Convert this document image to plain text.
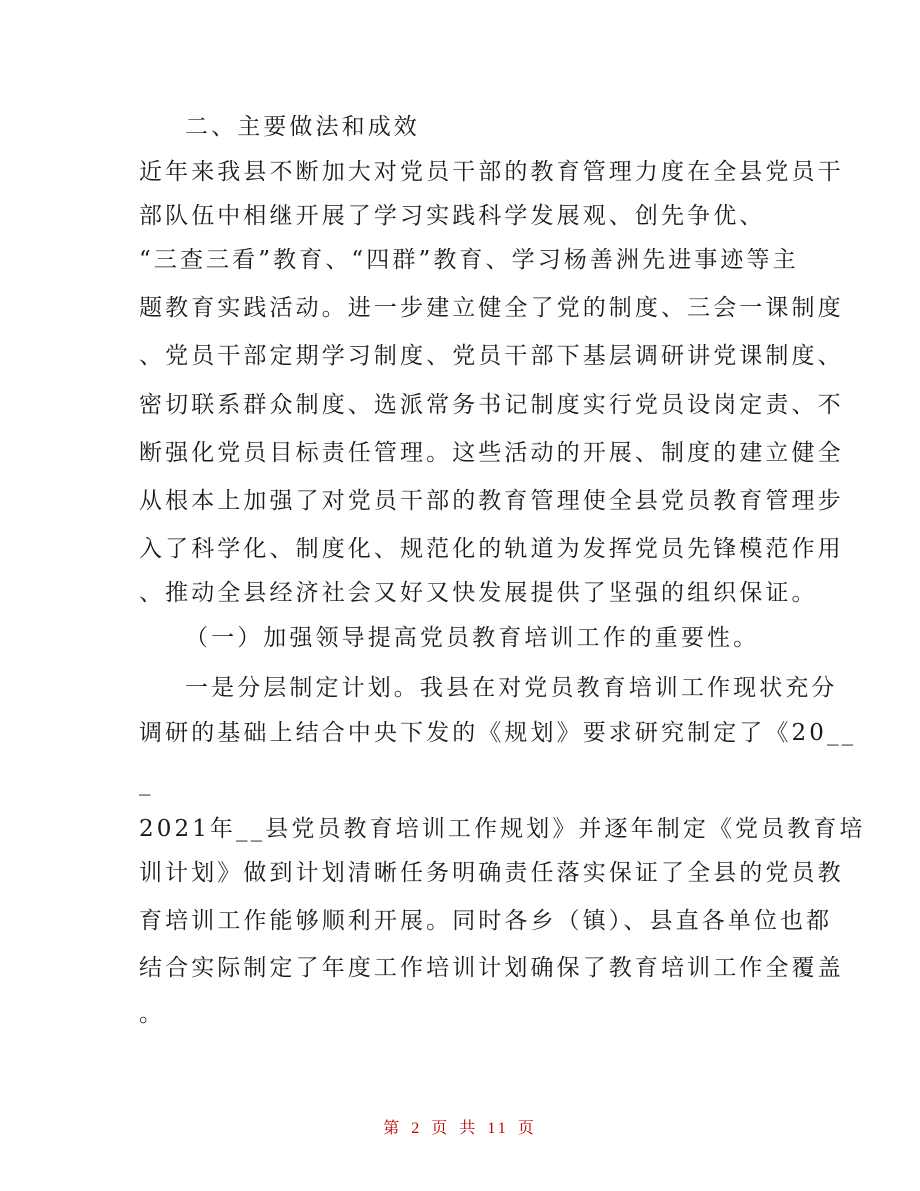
二、主要做法和成效
近年来我县不断加大对党员干部的教育管理力度在全县党员干
部队伍中相继开展了学习实践科学发展观、创先争优、
“三查三看”教育、“四群”教育、学习杨善洲先进事迹等主
题教育实践活动。进一步建立健全了党的制度、三会一课制度
、党员干部定期学习制度、党员干部下基层调研讲党课制度、
密切联系群众制度、选派常务书记制度实行党员设岗定责、不
断强化党员目标责任管理。这些活动的开展、制度的建立健全
从根本上加强了对党员干部的教育管理使全县党员教育管理步
入了科学化、制度化、规范化的轨道为发挥党员先锋模范作用
、推动全县经济社会又好又快发展提供了坚强的组织保证。
（一）加强领导提高党员教育培训工作的重要性。
一是分层制定计划。我县在对党员教育培训工作现状充分
调研的基础上结合中央下发的《规划》要求研究制定了《20__
_
2021年__县党员教育培训工作规划》并逐年制定《党员教育培
训计划》做到计划清晰任务明确责任落实保证了全县的党员教
育培训工作能够顺利开展。同时各乡（镇）、县直各单位也都
结合实际制定了年度工作培训计划确保了教育培训工作全覆盖
。
第 2 页 共 11 页
